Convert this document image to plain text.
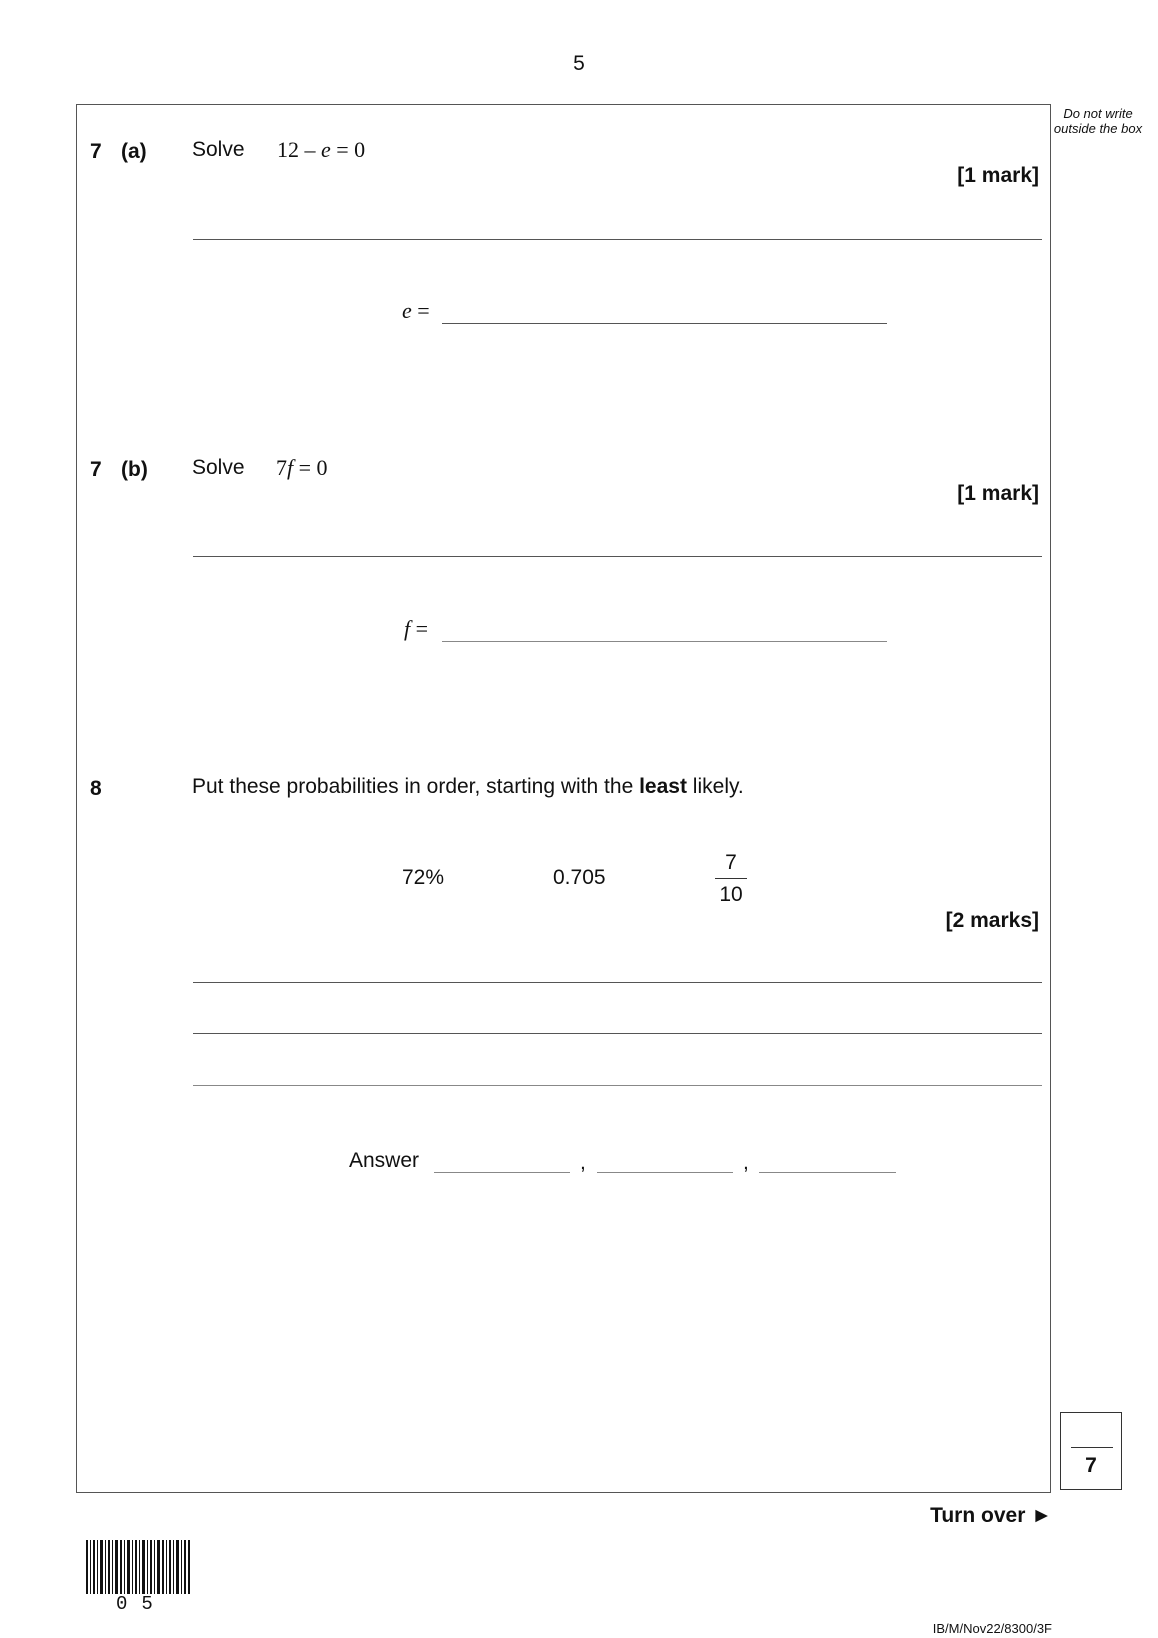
5
Do not write outside the box
7 (a) Solve 12 – e = 0
[1 mark]
e =
7 (b) Solve 7f = 0
[1 mark]
f =
8	Put these probabilities in order, starting with the least likely.
72%	0.705
7
10
[2 marks]
Answer	,	,
7
Turn over ►
05
IB/M/Nov22/8300/3F
